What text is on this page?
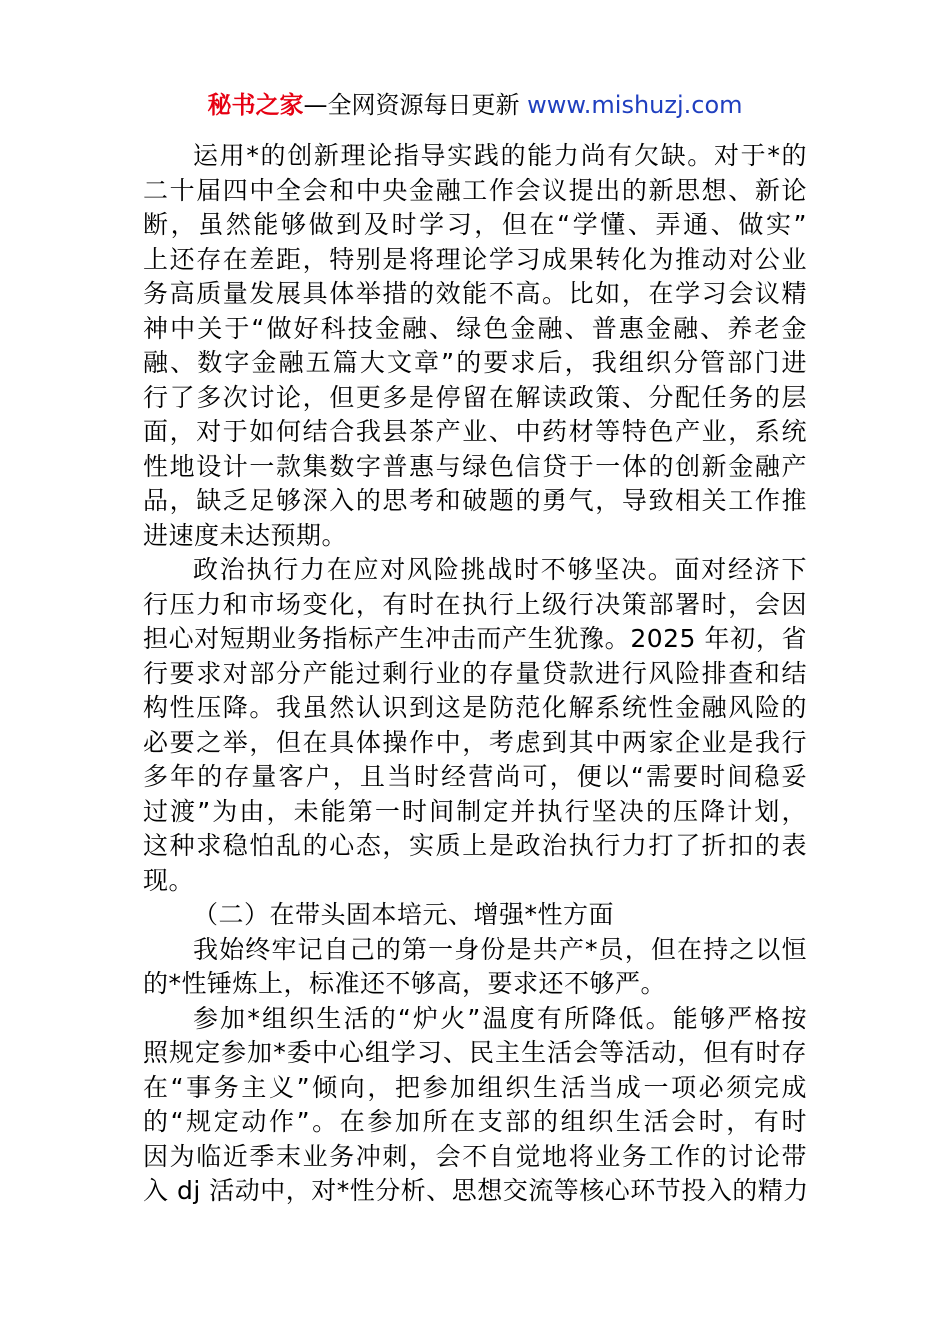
秘书之家—全网资源每日更新 www.mishuzj.com
运用*的创新理论指导实践的能力尚有欠缺。对于*的
二十届四中全会和中央金融工作会议提出的新思想、新论
断，虽然能够做到及时学习，但在“学懂、弄通、做实”
上还存在差距，特别是将理论学习成果转化为推动对公业
务高质量发展具体举措的效能不高。比如，在学习会议精
神中关于“做好科技金融、绿色金融、普惠金融、养老金
融、数字金融五篇大文章”的要求后，我组织分管部门进
行了多次讨论，但更多是停留在解读政策、分配任务的层
面，对于如何结合我县茶产业、中药材等特色产业，系统
性地设计一款集数字普惠与绿色信贷于一体的创新金融产
品，缺乏足够深入的思考和破题的勇气，导致相关工作推
进速度未达预期。
政治执行力在应对风险挑战时不够坚决。面对经济下
行压力和市场变化，有时在执行上级行决策部署时，会因
担心对短期业务指标产生冲击而产生犹豫。2025 年初，省
行要求对部分产能过剩行业的存量贷款进行风险排查和结
构性压降。我虽然认识到这是防范化解系统性金融风险的
必要之举，但在具体操作中，考虑到其中两家企业是我行
多年的存量客户，且当时经营尚可，便以“需要时间稳妥
过渡”为由，未能第一时间制定并执行坚决的压降计划，
这种求稳怕乱的心态，实质上是政治执行力打了折扣的表
现。
（二）在带头固本培元、增强*性方面
我始终牢记自己的第一身份是共产*员，但在持之以恒
的*性锤炼上，标准还不够高，要求还不够严。
参加*组织生活的“炉火”温度有所降低。能够严格按
照规定参加*委中心组学习、民主生活会等活动，但有时存
在“事务主义”倾向，把参加组织生活当成一项必须完成
的“规定动作”。在参加所在支部的组织生活会时，有时
因为临近季末业务冲刺，会不自觉地将业务工作的讨论带
入 dj 活动中，对*性分析、思想交流等核心环节投入的精力
